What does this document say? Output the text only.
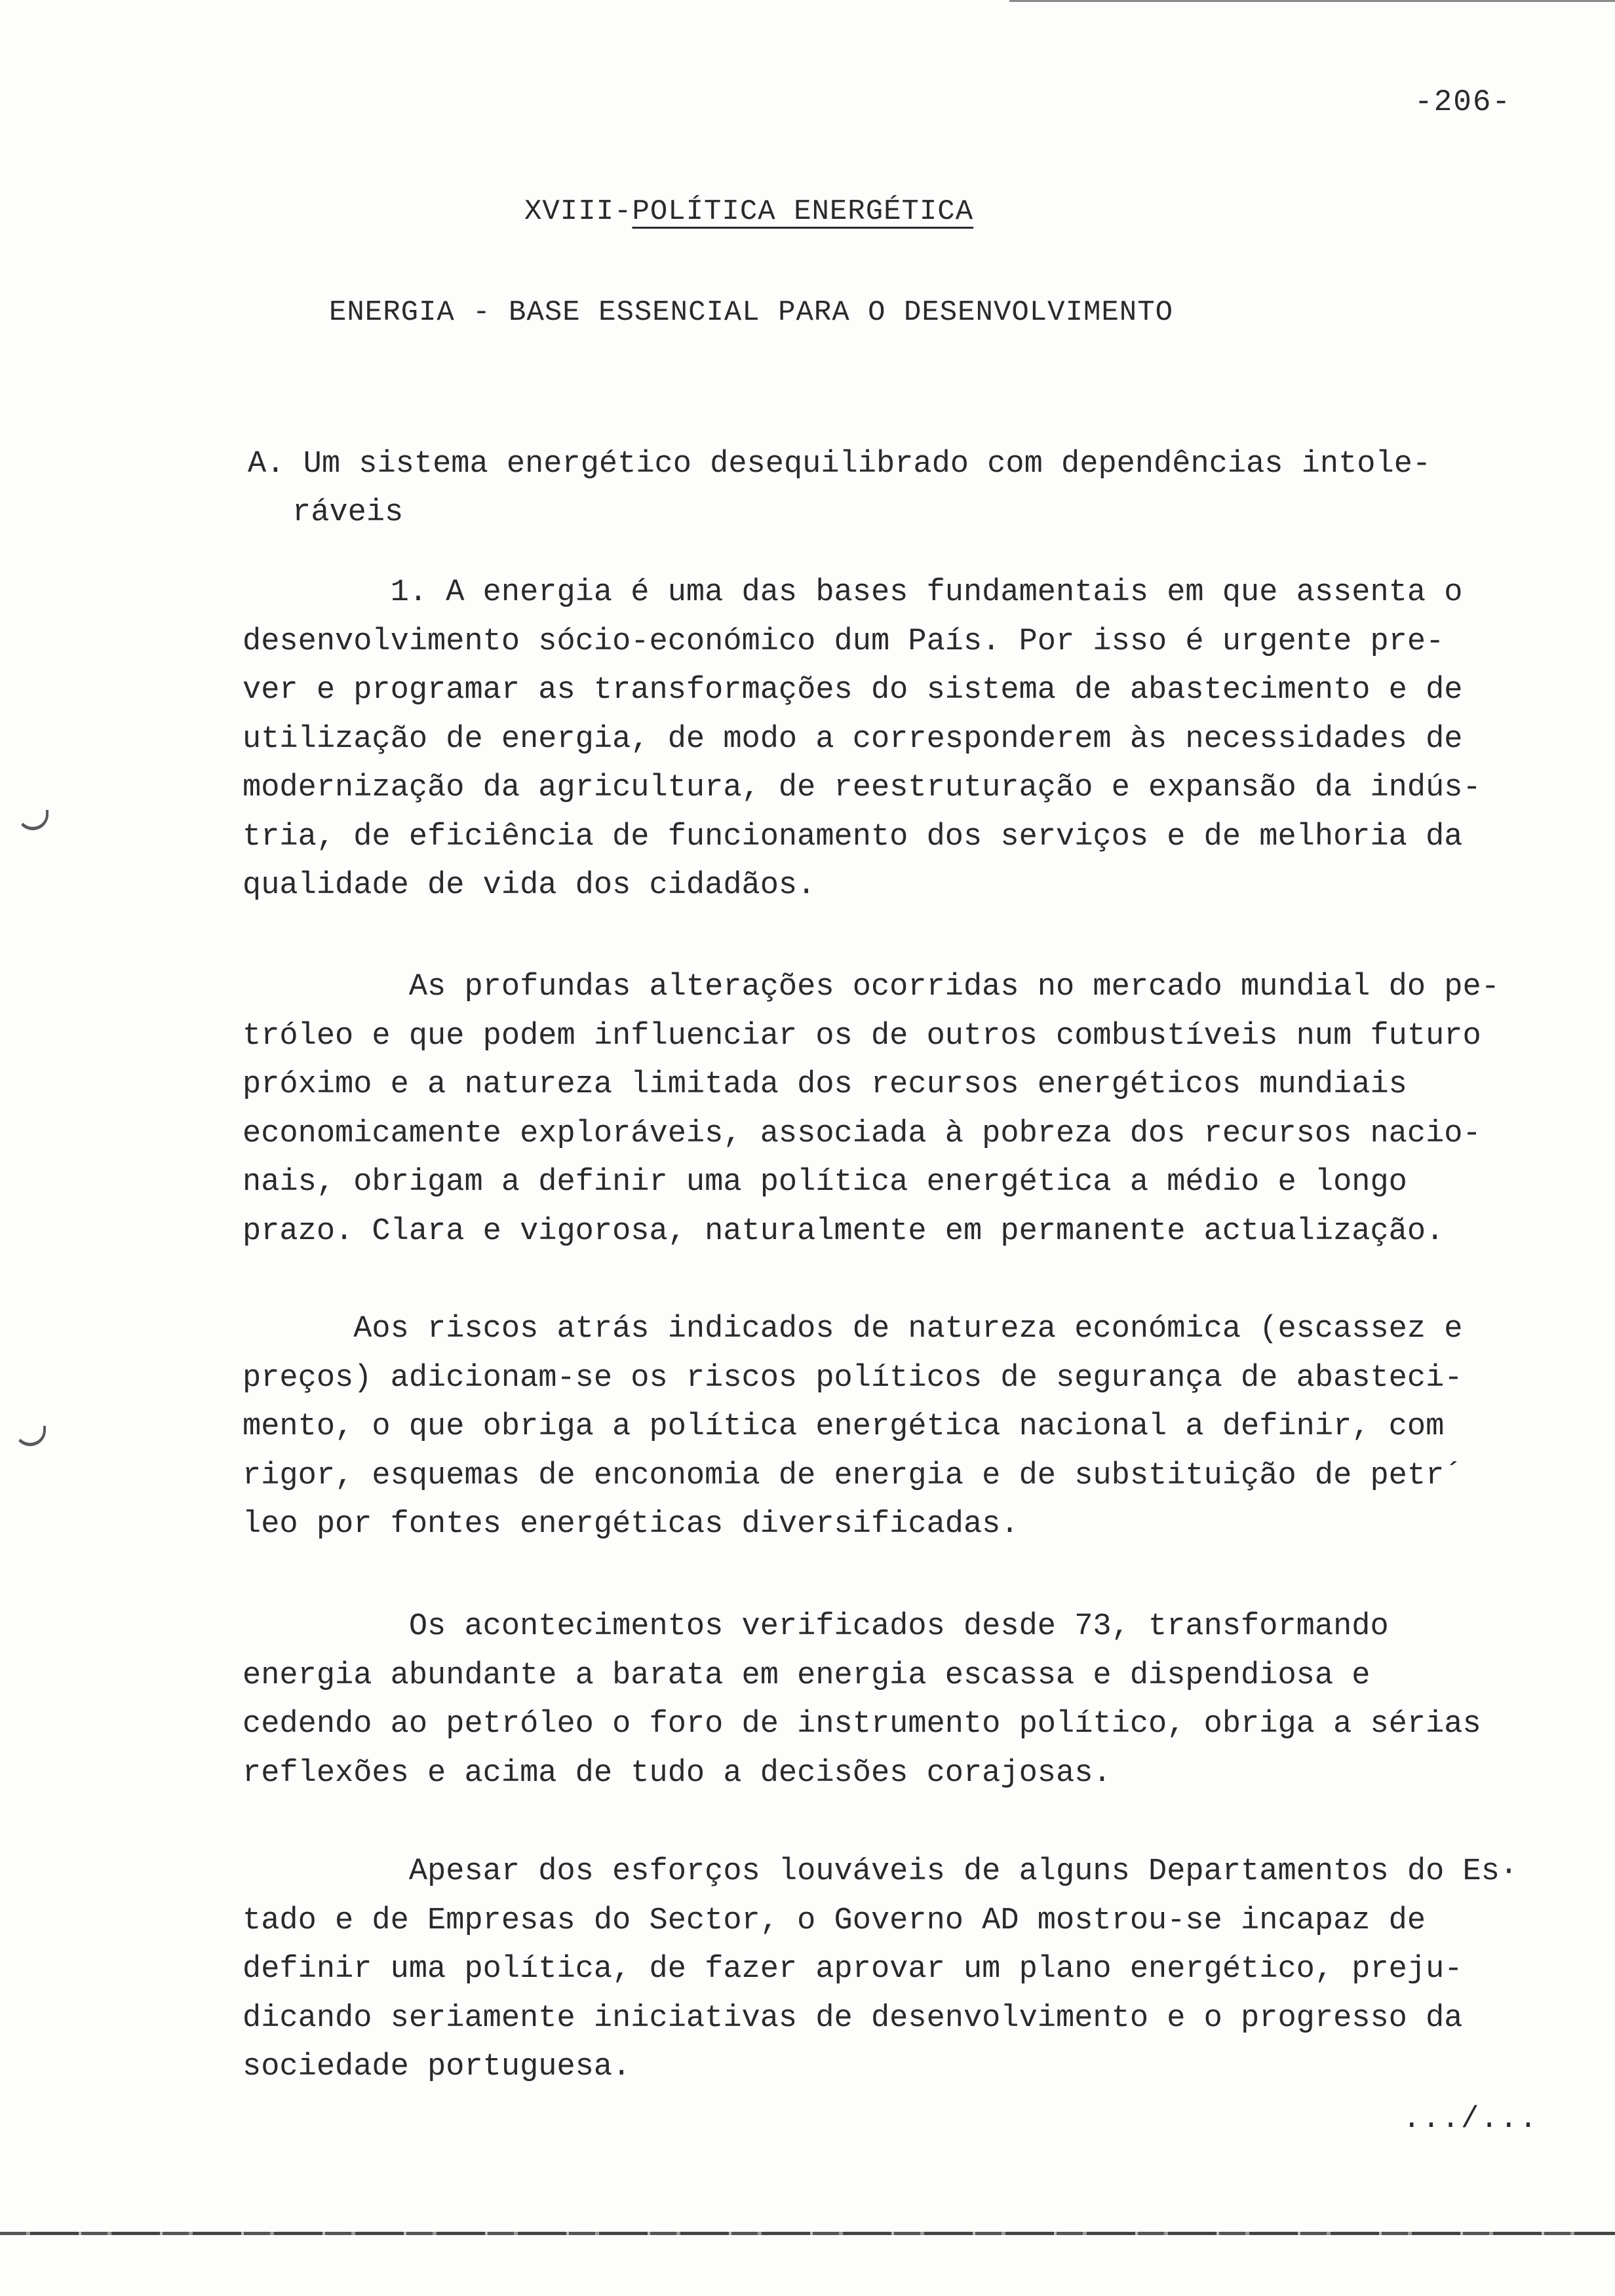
-206-
XVIII-POLÍTICA ENERGÉTICA
ENERGIA - BASE ESSENCIAL PARA O DESENVOLVIMENTO
A. Um sistema energético desequilibrado com dependências intole-
ráveis
1. A energia é uma das bases fundamentais em que assenta o
desenvolvimento sócio-económico dum País. Por isso é urgente pre-
ver e programar as transformações do sistema de abastecimento e de
utilização de energia, de modo a corresponderem às necessidades de
modernização da agricultura, de reestruturação e expansão da indús-
tria, de eficiência de funcionamento dos serviços e de melhoria da
qualidade de vida dos cidadãos.
As profundas alterações ocorridas no mercado mundial do pe-
tróleo e que podem influenciar os de outros combustíveis num futuro
próximo e a natureza limitada dos recursos energéticos mundiais
economicamente exploráveis, associada à pobreza dos recursos nacio-
nais, obrigam a definir uma política energética a médio e longo
prazo. Clara e vigorosa, naturalmente em permanente actualização.
Aos riscos atrás indicados de natureza económica (escassez e
preços) adicionam-se os riscos políticos de segurança de abasteci-
mento, o que obriga a política energética nacional a definir, com
rigor, esquemas de enconomia de energia e de substituição de petr´
leo por fontes energéticas diversificadas.
Os acontecimentos verificados desde 73, transformando
energia abundante a barata em energia escassa e dispendiosa e
cedendo ao petróleo o foro de instrumento político, obriga a sérias
reflexões e acima de tudo a decisões corajosas.
Apesar dos esforços louváveis de alguns Departamentos do Es·
tado e de Empresas do Sector, o Governo AD mostrou-se incapaz de
definir uma política, de fazer aprovar um plano energético, preju-
dicando seriamente iniciativas de desenvolvimento e o progresso da
sociedade portuguesa.
.../...
